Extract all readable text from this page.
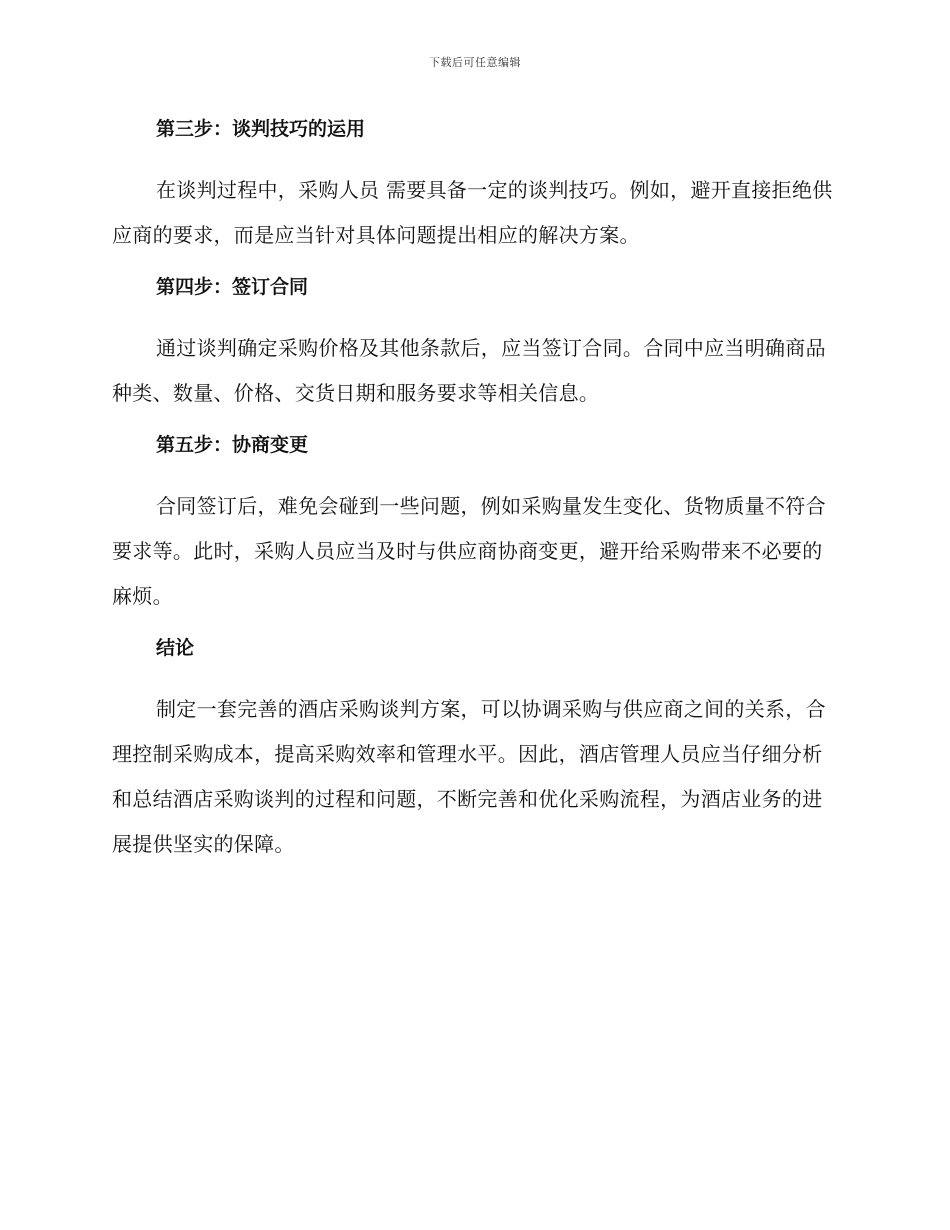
下载后可任意编辑
第三步：谈判技巧的运用

在谈判过程中，采购人员 需要具备一定的谈判技巧。例如，避开直接拒绝供应商的要求，而是应当针对具体问题提出相应的解决方案。

第四步：签订合同

通过谈判确定采购价格及其他条款后，应当签订合同。合同中应当明确商品种类、数量、价格、交货日期和服务要求等相关信息。

第五步：协商变更

合同签订后，难免会碰到一些问题，例如采购量发生变化、货物质量不符合要求等。此时，采购人员应当及时与供应商协商变更，避开给采购带来不必要的麻烦。

结论

制定一套完善的酒店采购谈判方案，可以协调采购与供应商之间的关系，合理控制采购成本，提高采购效率和管理水平。因此，酒店管理人员应当仔细分析和总结酒店采购谈判的过程和问题，不断完善和优化采购流程，为酒店业务的进展提供坚实的保障。
